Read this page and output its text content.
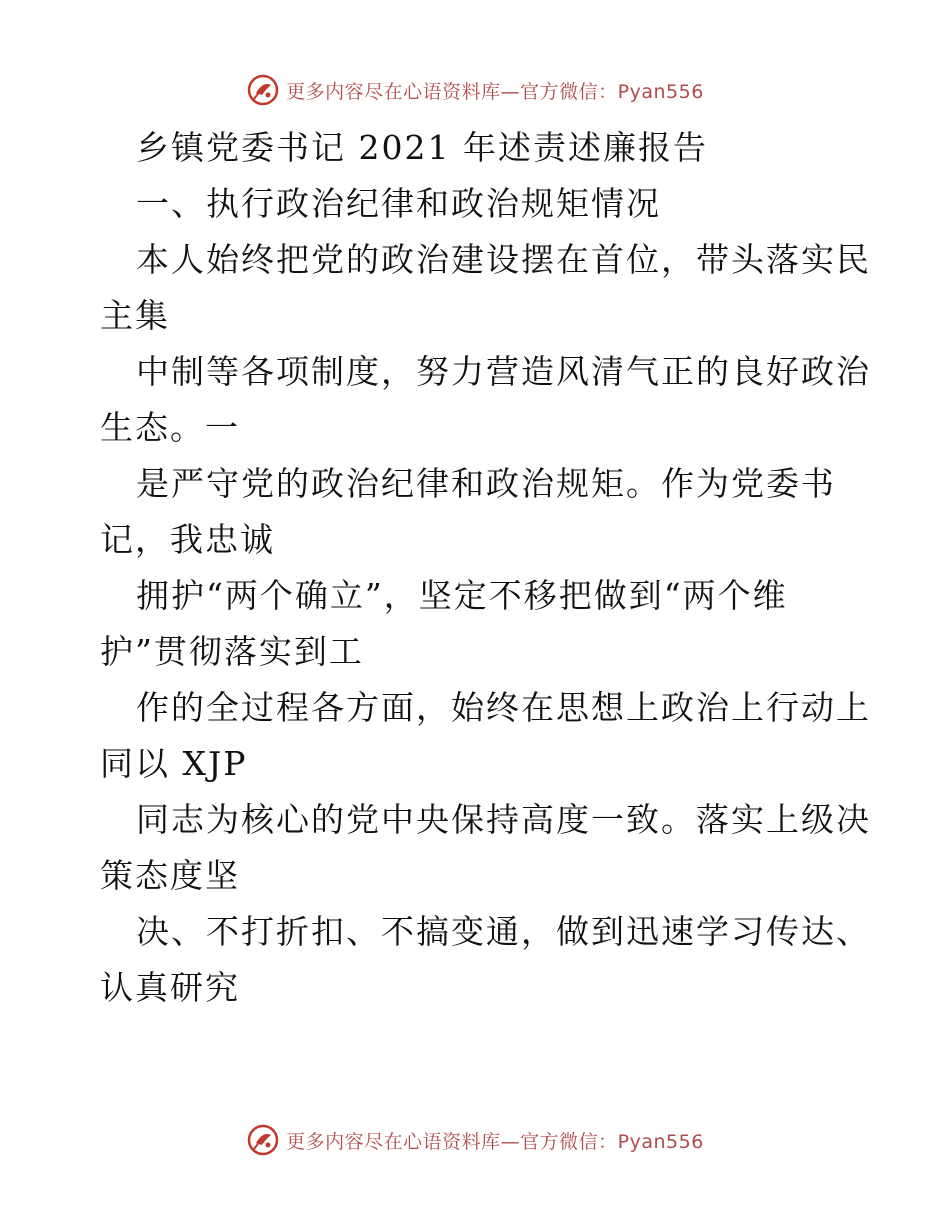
更多内容尽在心语资料库—官方微信：Pyan556
乡镇党委书记 2021 年述责述廉报告
一、执行政治纪律和政治规矩情况
本人始终把党的政治建设摆在首位，带头落实民
主集
中制等各项制度，努力营造风清气正的良好政治
生态。一
是严守党的政治纪律和政治规矩。作为党委书
记，我忠诚
拥护“两个确立”，坚定不移把做到“两个维
护”贯彻落实到工
作的全过程各方面，始终在思想上政治上行动上
同以 XJP
同志为核心的党中央保持高度一致。落实上级决
策态度坚
决、不打折扣、不搞变通，做到迅速学习传达、
认真研究
更多内容尽在心语资料库—官方微信：Pyan556
